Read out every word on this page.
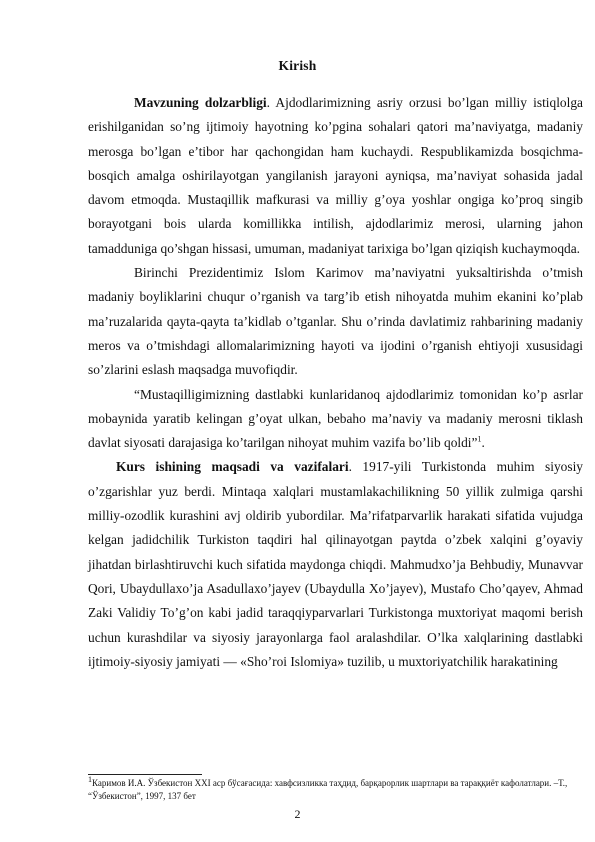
Kirish

Mavzuning dolzarbligi. Ajdodlarimizning asriy orzusi bo’lgan milliy istiqlolga erishilganidan so’ng ijtimoiy hayotning ko’pgina sohalari qatori ma’naviyatga, madaniy merosga bo’lgan e’tibor har qachongidan ham kuchaydi. Respublikamizda bosqichma-bosqich amalga oshirilayotgan yangilanish jarayoni ayniqsa, ma’naviyat sohasida jadal davom etmoqda. Mustaqillik mafkurasi va milliy g’oya yoshlar ongiga ko’proq singib borayotgani bois ularda komillikka intilish, ajdodlarimiz merosi, ularning jahon tamadduniga qo’shgan hissasi, umuman, madaniyat tarixiga bo’lgan qiziqish kuchaymoqda.

Birinchi Prezidentimiz Islom Karimov ma’naviyatni yuksaltirishda o’tmish madaniy boyliklarini chuqur o’rganish va targ’ib etish nihoyatda muhim ekanini ko’plab ma’ruzalarida qayta-qayta ta’kidlab o’tganlar. Shu o’rinda davlatimiz rahbarining madaniy meros va o’tmishdagi allomalarimizning hayoti va ijodini o’rganish ehtiyoji xususidagi so’zlarini eslash maqsadga muvofiqdir.

“Mustaqilligimizning dastlabki kunlaridanoq ajdodlarimiz tomonidan ko’p asrlar mobaynida yaratib kelingan g’oyat ulkan, bebaho ma’naviy va madaniy merosni tiklash davlat siyosati darajasiga ko’tarilgan nihoyat muhim vazifa bo’lib qoldi”$^1$.

Kurs ishining maqsadi va vazifalari. 1917-yili Turkistonda muhim siyosiy o’zgarishlar yuz berdi. Mintaqa xalqlari mustamlakachilikning 50 yillik zulmiga qarshi milliy-ozodlik kurashini avj oldirib yubordilar. Ma’rifatparvarlik harakati sifatida vujudga kelgan jadidchilik Turkiston taqdiri hal qilinayotgan paytda o’zbek xalqini g’oyaviy jihatdan birlashtiruvchi kuch sifatida maydonga chiqdi. Mahmudxo’ja Behbudiy, Munavvar Qori, Ubaydullaxo’ja Asadullaxo’jayev (Ubaydulla Xo’jayev), Mustafo Cho’qayev, Ahmad Zaki Validiy To’g’on kabi jadid taraqqiyparvarlari Turkistonga muxtoriyat maqomi berish uchun kurashdilar va siyosiy jarayonlarga faol aralashdilar. O’lka xalqlarining dastlabki ijtimoiy-siyosiy jamiyati — «Sho’roi Islomiya» tuzilib, u muxtoriyatchilik harakatining

$^1$Каримов И.А. Ўзбекистон XXI аср бўсағасида: хавфсизликка таҳдид, барқарорлик шартлари ва тараққиёт кафолатлари. –Т., “Ўзбекистон”, 1997, 137 бет
2
